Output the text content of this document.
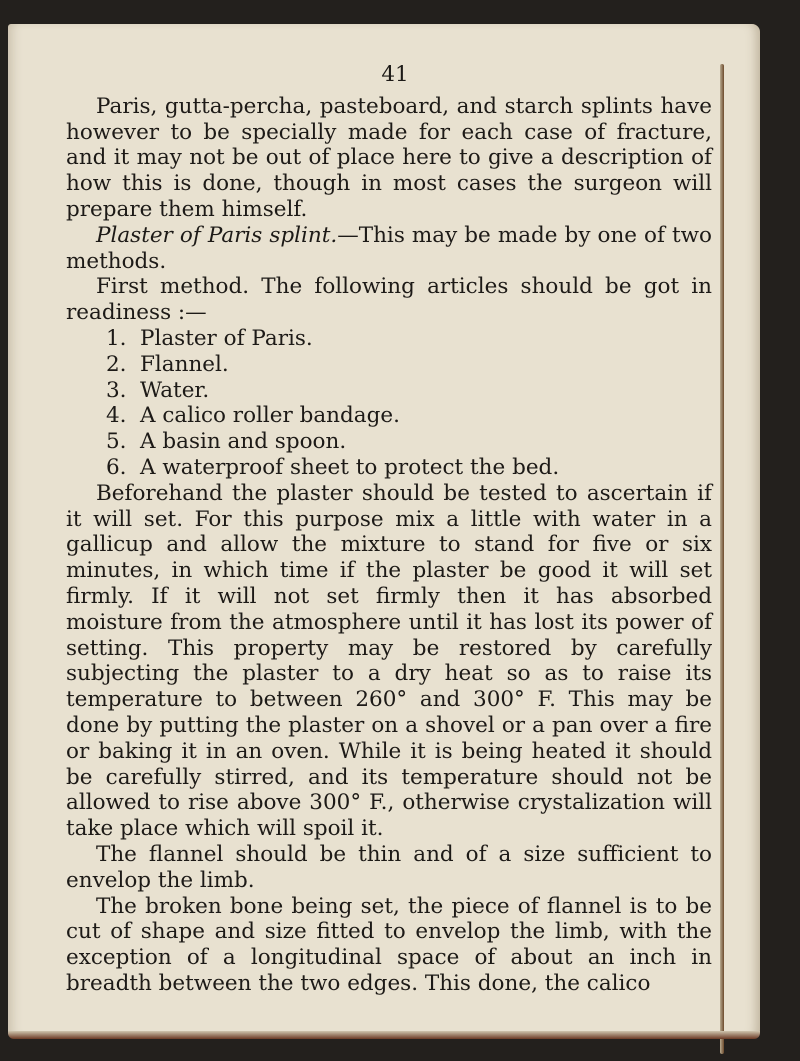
41

Paris, gutta-percha, pasteboard, and starch splints have however to be specially made for each case of fracture, and it may not be out of place here to give a description of how this is done, though in most cases the surgeon will prepare them himself.

Plaster of Paris splint.—This may be made by one of two methods.

First method. The following articles should be got in readiness :—

1. Plaster of Paris.
2. Flannel.
3. Water.
4. A calico roller bandage.
5. A basin and spoon.
6. A waterproof sheet to protect the bed.

Beforehand the plaster should be tested to ascertain if it will set. For this purpose mix a little with water in a gallicup and allow the mixture to stand for five or six minutes, in which time if the plaster be good it will set firmly. If it will not set firmly then it has absorbed moisture from the atmosphere until it has lost its power of setting. This property may be restored by carefully subjecting the plaster to a dry heat so as to raise its temperature to between 260° and 300° F. This may be done by putting the plaster on a shovel or a pan over a fire or baking it in an oven. While it is being heated it should be carefully stirred, and its temperature should not be allowed to rise above 300° F., otherwise crystalization will take place which will spoil it.

The flannel should be thin and of a size sufficient to envelop the limb.

The broken bone being set, the piece of flannel is to be cut of shape and size fitted to envelop the limb, with the exception of a longitudinal space of about an inch in breadth between the two edges. This done, the calico
